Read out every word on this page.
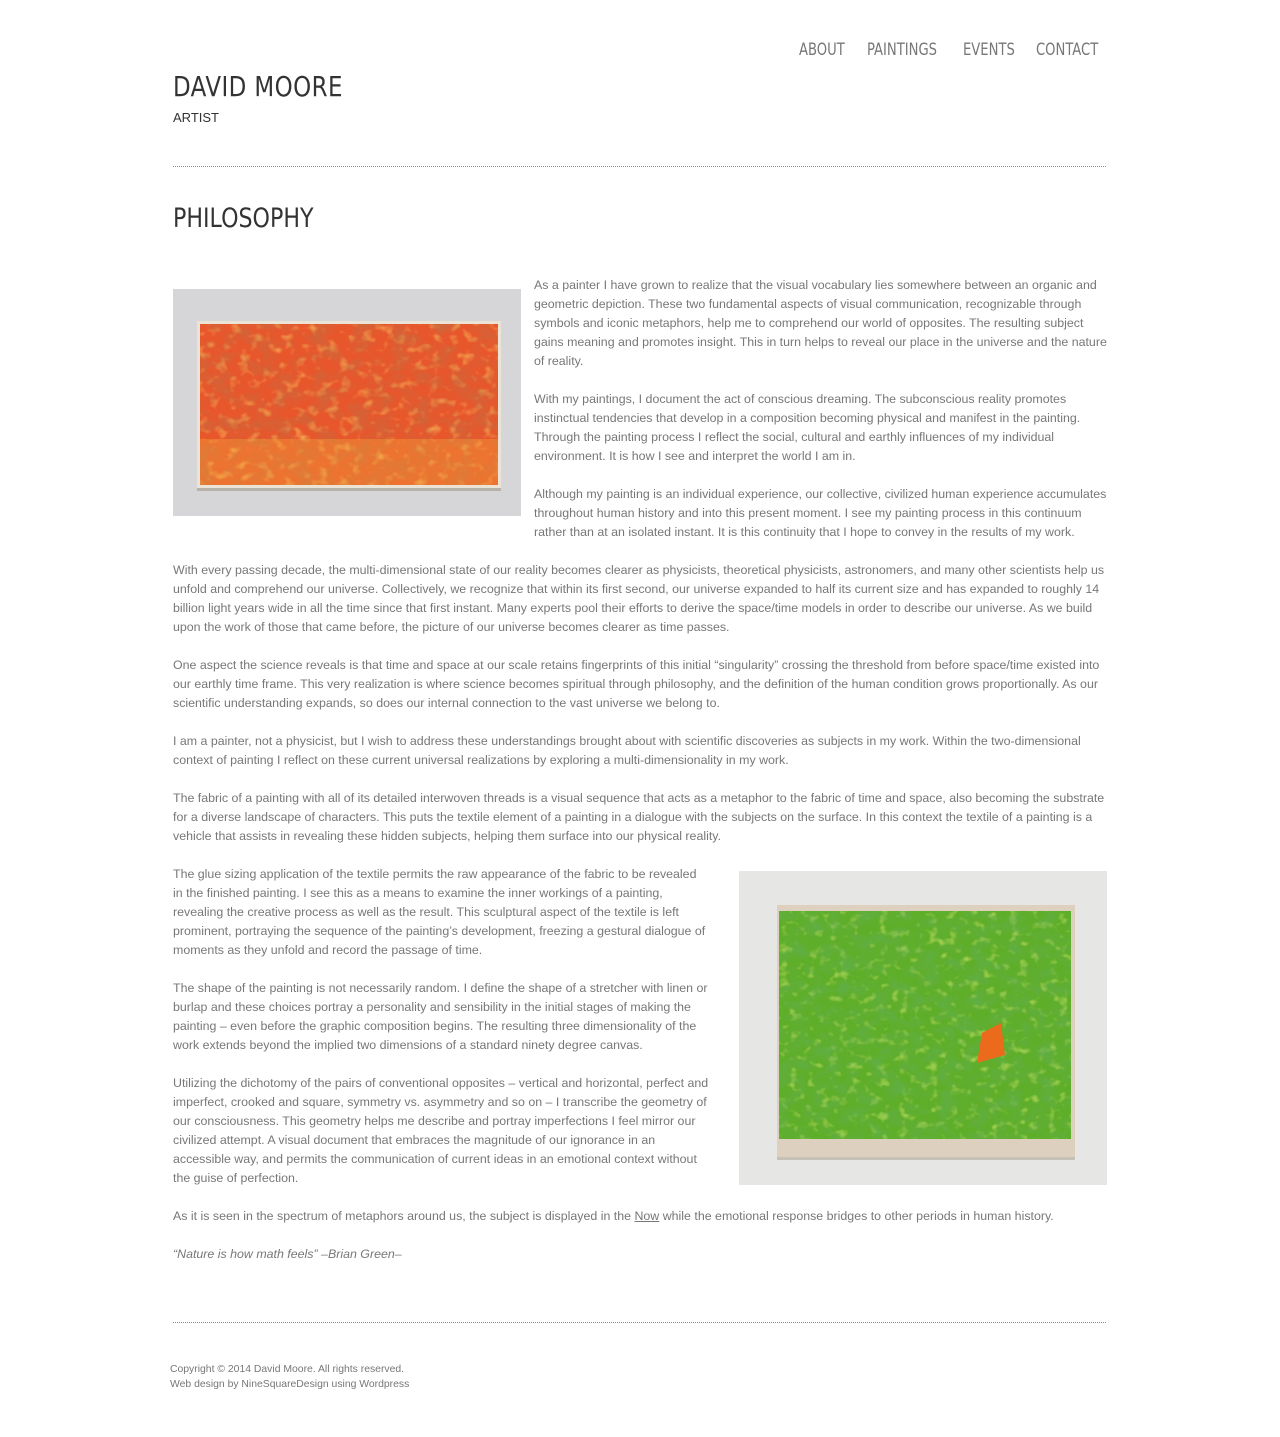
ABOUT PAINTINGS EVENTS CONTACT
DAVID MOORE
ARTIST
PHILOSOPHY

As a painter I have grown to realize that the visual vocabulary lies somewhere between an organic and geometric depiction. These two fundamental aspects of visual communication, recognizable through symbols and iconic metaphors, help me to comprehend our world of opposites. The resulting subject gains meaning and promotes insight. This in turn helps to reveal our place in the universe and the nature of reality.

With my paintings, I document the act of conscious dreaming. The subconscious reality promotes instinctual tendencies that develop in a composition becoming physical and manifest in the painting. Through the painting process I reflect the social, cultural and earthly influences of my individual environment. It is how I see and interpret the world I am in.

Although my painting is an individual experience, our collective, civilized human experience accumulates throughout human history and into this present moment. I see my painting process in this continuum rather than at an isolated instant. It is this continuity that I hope to convey in the results of my work.

With every passing decade, the multi-dimensional state of our reality becomes clearer as physicists, theoretical physicists, astronomers, and many other scientists help us unfold and comprehend our universe. Collectively, we recognize that within its first second, our universe expanded to half its current size and has expanded to roughly 14 billion light years wide in all the time since that first instant. Many experts pool their efforts to derive the space/time models in order to describe our universe. As we build upon the work of those that came before, the picture of our universe becomes clearer as time passes.

One aspect the science reveals is that time and space at our scale retains fingerprints of this initial “singularity” crossing the threshold from before space/time existed into our earthly time frame. This very realization is where science becomes spiritual through philosophy, and the definition of the human condition grows proportionally. As our scientific understanding expands, so does our internal connection to the vast universe we belong to.

I am a painter, not a physicist, but I wish to address these understandings brought about with scientific discoveries as subjects in my work. Within the two-dimensional context of painting I reflect on these current universal realizations by exploring a multi-dimensionality in my work.

The fabric of a painting with all of its detailed interwoven threads is a visual sequence that acts as a metaphor to the fabric of time and space, also becoming the substrate for a diverse landscape of characters. This puts the textile element of a painting in a dialogue with the subjects on the surface. In this context the textile of a painting is a vehicle that assists in revealing these hidden subjects, helping them surface into our physical reality.

The glue sizing application of the textile permits the raw appearance of the fabric to be revealed in the finished painting. I see this as a means to examine the inner workings of a painting, revealing the creative process as well as the result. This sculptural aspect of the textile is left prominent, portraying the sequence of the painting’s development, freezing a gestural dialogue of moments as they unfold and record the passage of time.

The shape of the painting is not necessarily random. I define the shape of a stretcher with linen or burlap and these choices portray a personality and sensibility in the initial stages of making the painting – even before the graphic composition begins. The resulting three dimensionality of the work extends beyond the implied two dimensions of a standard ninety degree canvas.

Utilizing the dichotomy of the pairs of conventional opposites – vertical and horizontal, perfect and imperfect, crooked and square, symmetry vs. asymmetry and so on – I transcribe the geometry of our consciousness. This geometry helps me describe and portray imperfections I feel mirror our civilized attempt. A visual document that embraces the magnitude of our ignorance in an accessible way, and permits the communication of current ideas in an emotional context without the guise of perfection.

As it is seen in the spectrum of metaphors around us, the subject is displayed in the Now while the emotional response bridges to other periods in human history.

“Nature is how math feels” –Brian Green–

Copyright © 2014 David Moore. All rights reserved.
Web design by NineSquareDesign using Wordpress
